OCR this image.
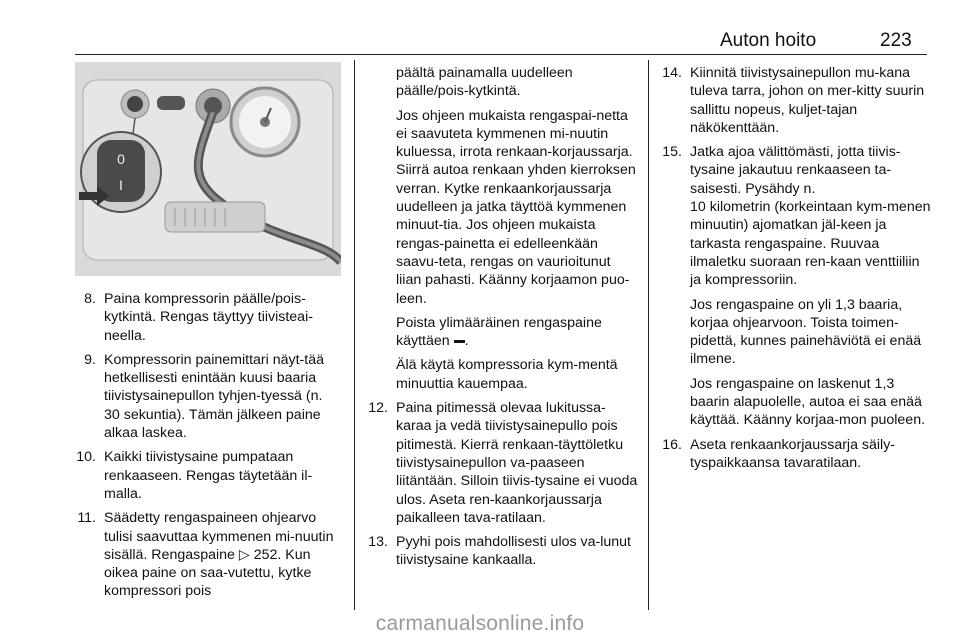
Auton hoito	223
0
I
8. Paina kompressorin päälle/pois-kytkintä. Rengas täyttyy tiivisteai-neella.
9. Kompressorin painemittari näyt-tää hetkellisesti enintään kuusi baaria tiivistysainepullon tyhjen-tyessä (n. 30 sekuntia). Tämän jälkeen paine alkaa laskea.
10. Kaikki tiivistysaine pumpataan renkaaseen. Rengas täytetään il-malla.
11. Säädetty rengaspaineen ohjearvo tulisi saavuttaa kymmenen mi-nuutin sisällä. Rengaspaine ▷ 252. Kun oikea paine on saa-vutettu, kytke kompressori pois

päältä painamalla uudelleen päälle/pois-kytkintä.

Jos ohjeen mukaista rengaspai-netta ei saavuteta kymmenen mi-nuutin kuluessa, irrota renkaan-korjaussarja. Siirrä autoa renkaan yhden kierroksen verran. Kytke renkaankorjaussarja uudelleen ja jatka täyttöä kymmenen minuut-tia. Jos ohjeen mukaista rengas-painetta ei edelleenkään saavu-teta, rengas on vaurioitunut liian pahasti. Käänny korjaamon puo-leen.

Poista ylimääräinen rengaspaine käyttäen .

Älä käytä kompressoria kym-mentä minuuttia kauempaa.

12. Paina pitimessä olevaa lukitussa-karaa ja vedä tiivistysainepullo pois pitimestä. Kierrä renkaan-täyttöletku tiivistysainepullon va-paaseen liitäntään. Silloin tiivis-tysaine ei vuoda ulos. Aseta ren-kaankorjaussarja paikalleen tava-ratilaan.
13. Pyyhi pois mahdollisesti ulos va-lunut tiivistysaine kankaalla.
14. Kiinnitä tiivistysainepullon mu-kana tuleva tarra, johon on mer-kitty suurin sallittu nopeus, kuljet-tajan näkökenttään.
15. Jatka ajoa välittömästi, jotta tiivis-tysaine jakautuu renkaaseen ta-saisesti. Pysähdy n.

10 kilometrin (korkeintaan kym-menen minuutin) ajomatkan jäl-keen ja tarkasta rengaspaine. Ruuvaa ilmaletku suoraan ren-kaan venttiiliin ja kompressoriin.

Jos rengaspaine on yli 1,3 baaria, korjaa ohjearvoon. Toista toimen-pidettä, kunnes painehäviötä ei enää ilmene.

Jos rengaspaine on laskenut 1,3 baarin alapuolelle, autoa ei saa enää käyttää. Käänny korjaa-mon puoleen.

16. Aseta renkaankorjaussarja säily-tyspaikkaansa tavaratilaan.
carmanualsonline.info
